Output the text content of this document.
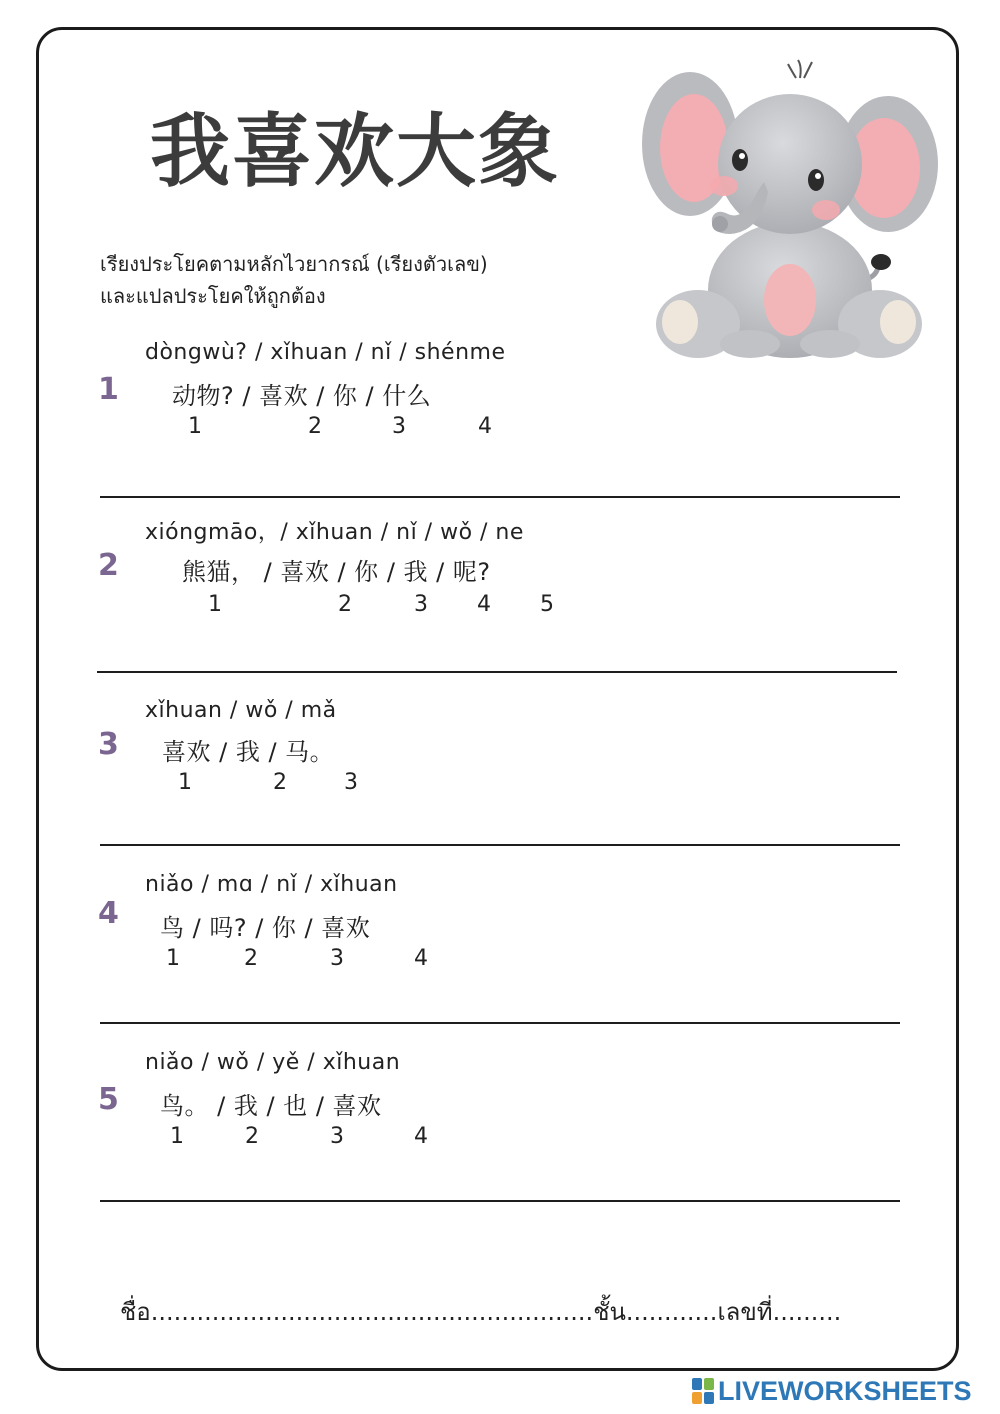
我喜欢大象
เรียงประโยคตามหลักไวยากรณ์ (เรียงตัวเลข)
และแปลประโยคให้ถูกต้อง
1
dòngwù? / xǐhuan / nǐ / shénme
动物? / 喜欢 / 你 / 什么
1	2	3	4
2
xióngmāo，/ xǐhuan / nǐ / wǒ / ne
熊猫， / 喜欢 / 你 / 我 / 呢?
1	2	3 4 5
3
xǐhuan / wǒ / mǎ
喜欢 / 我 / 马。
1	2	3
4
niǎo / mɑ / nǐ / xǐhuan
鸟 / 吗? / 你 / 喜欢
1	2	3	4
5
niǎo / wǒ / yě / xǐhuan
鸟。 / 我 / 也 / 喜欢
1	2	3	4
ชื่อ..........................................................ชั้น............เลขที่.........
LIVEWORKSHEETS
